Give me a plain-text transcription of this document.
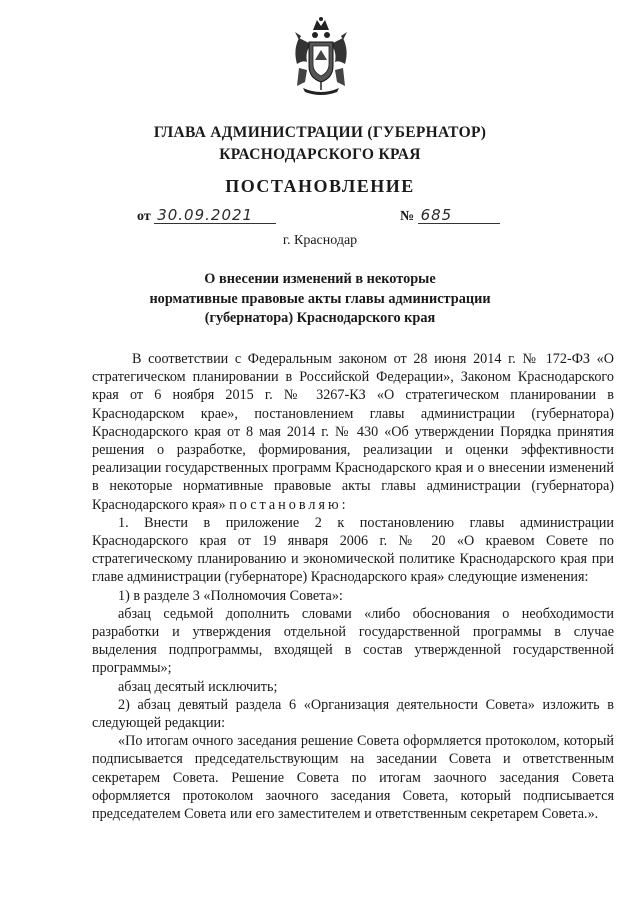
ГЛАВА АДМИНИСТРАЦИИ (ГУБЕРНАТОР)
КРАСНОДАРСКОГО КРАЯ
ПОСТАНОВЛЕНИЕ
от 30.09.2021	№ 685
г. Краснодар
О внесении изменений в некоторые
нормативные правовые акты главы администрации
(губернатора) Краснодарского края

В соответствии с Федеральным законом от 28 июня 2014 г. № 172-ФЗ «О стратегическом планировании в Российской Федерации», Законом Краснодарского края от 6 ноября 2015 г. № 3267-КЗ «О стратегическом планировании в Краснодарском крае», постановлением главы администрации (губернатора) Краснодарского края от 8 мая 2014 г. № 430 «Об утверждении Порядка принятия решения о разработке, формирования, реализации и оценки эффективности реализации государственных программ Краснодарского края и о внесении изменений в некоторые нормативные правовые акты главы администрации (губернатора) Краснодарского края» постановляю:

1. Внести в приложение 2 к постановлению главы администрации Краснодарского края от 19 января 2006 г. № 20 «О краевом Совете по стратегическому планированию и экономической политике Краснодарского края при главе администрации (губернаторе) Краснодарского края» следующие изменения:

1) в разделе 3 «Полномочия Совета»:

абзац седьмой дополнить словами «либо обоснования о необходимости разработки и утверждения отдельной государственной программы в случае выделения подпрограммы, входящей в состав утвержденной государственной программы»;

абзац десятый исключить;

2) абзац девятый раздела 6 «Организация деятельности Совета» изложить в следующей редакции:

«По итогам очного заседания решение Совета оформляется протоколом, который подписывается председательствующим на заседании Совета и ответственным секретарем Совета. Решение Совета по итогам заочного заседания Совета оформляется протоколом заочного заседания Совета, который подписывается председателем Совета или его заместителем и ответственным секретарем Совета.».
